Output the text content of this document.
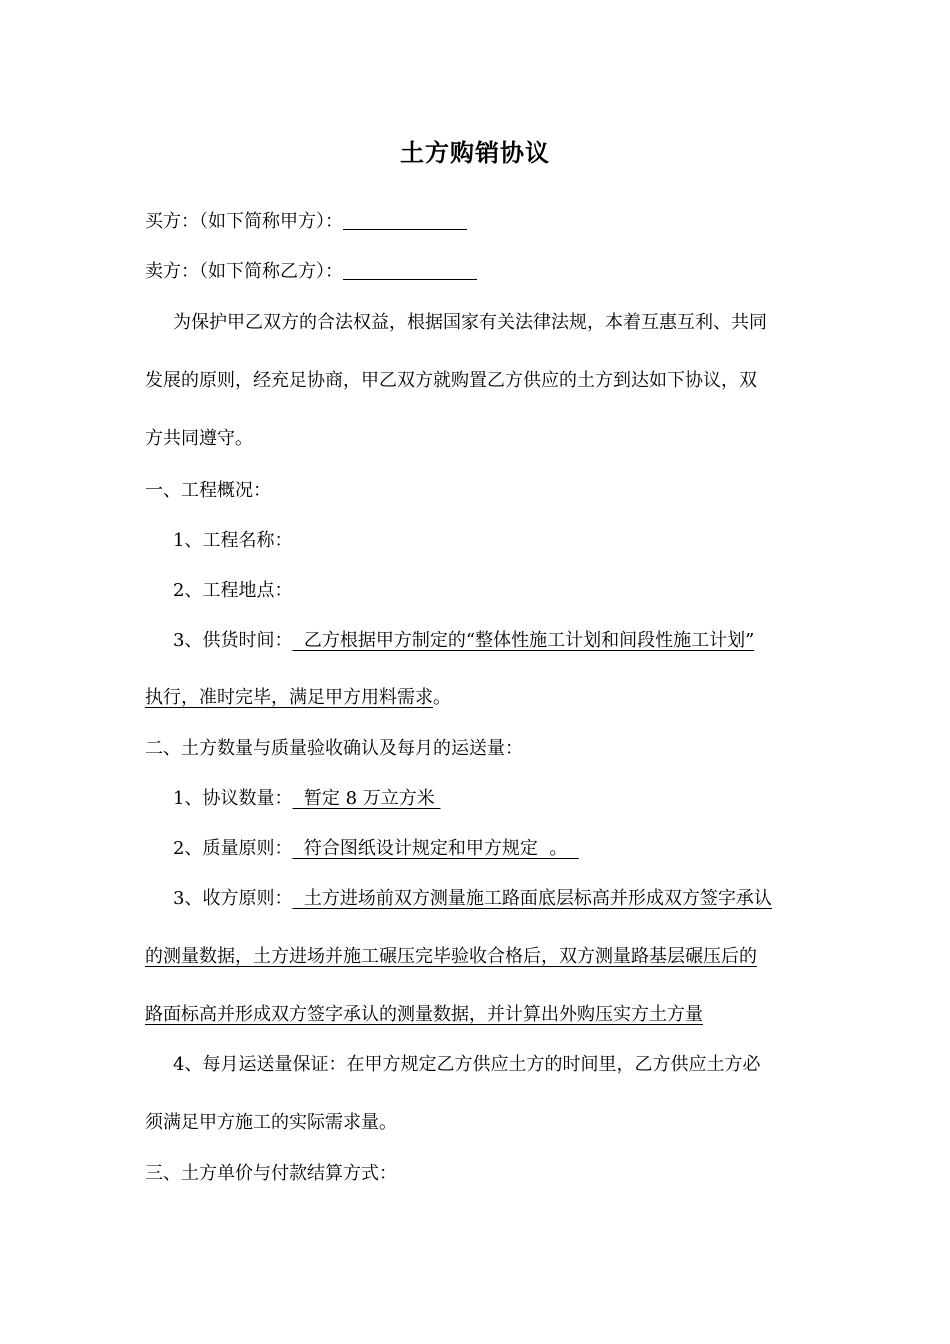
土方购销协议
买方：（如下简称甲方）：
卖方：（如下简称乙方）：
为保护甲乙双方的合法权益，根据国家有关法律法规，本着互惠互利、共同
发展的原则，经充足协商，甲乙双方就购置乙方供应的土方到达如下协议，双
方共同遵守。
一、工程概况：
1、工程名称：
2、工程地点：
3、供货时间：  乙方根据甲方制定的“整体性施工计划和间段性施工计划”
执行，准时完毕，满足甲方用料需求。
二、土方数量与质量验收确认及每月的运送量：
1、协议数量：  暂定 8 万立方米
2、质量原则：  符合图纸设计规定和甲方规定  。
3、收方原则：  土方进场前双方测量施工路面底层标高并形成双方签字承认
的测量数据，土方进场并施工碾压完毕验收合格后，双方测量路基层碾压后的
路面标高并形成双方签字承认的测量数据，并计算出外购压实方土方量
4、每月运送量保证：在甲方规定乙方供应土方的时间里，乙方供应土方必
须满足甲方施工的实际需求量。
三、土方单价与付款结算方式：
